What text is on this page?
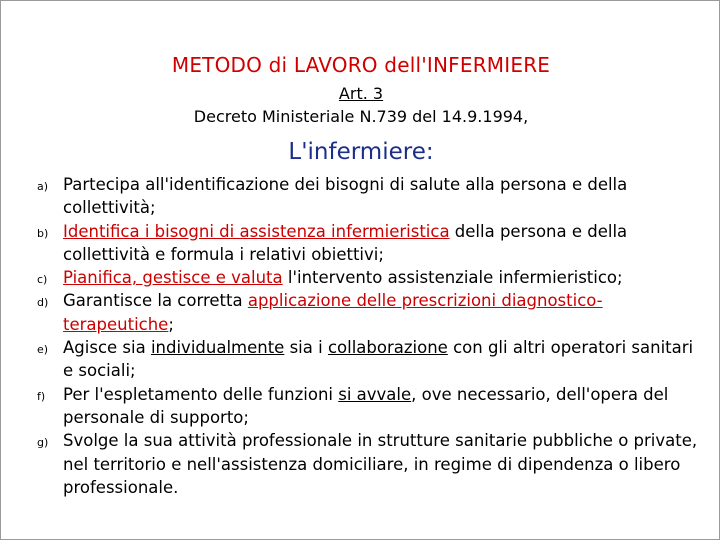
METODO di LAVORO dell'INFERMIERE
Art. 3
Decreto Ministeriale N.739 del 14.9.1994,
L'infermiere:
a) Partecipa all'identificazione dei bisogni di salute alla persona e della collettività;
b) Identifica i bisogni di assistenza infermieristica della persona e della collettività e formula i relativi obiettivi;
c) Pianifica, gestisce e valuta l'intervento assistenziale infermieristico;
d) Garantisce la corretta applicazione delle prescrizioni diagnostico-terapeutiche;
e) Agisce sia individualmente sia i collaborazione con gli altri operatori sanitari e sociali;
f) Per l'espletamento delle funzioni si avvale, ove necessario, dell'opera del personale di supporto;
g) Svolge la sua attività professionale in strutture sanitarie pubbliche o private, nel territorio e nell'assistenza domiciliare, in regime di dipendenza o libero professionale.
